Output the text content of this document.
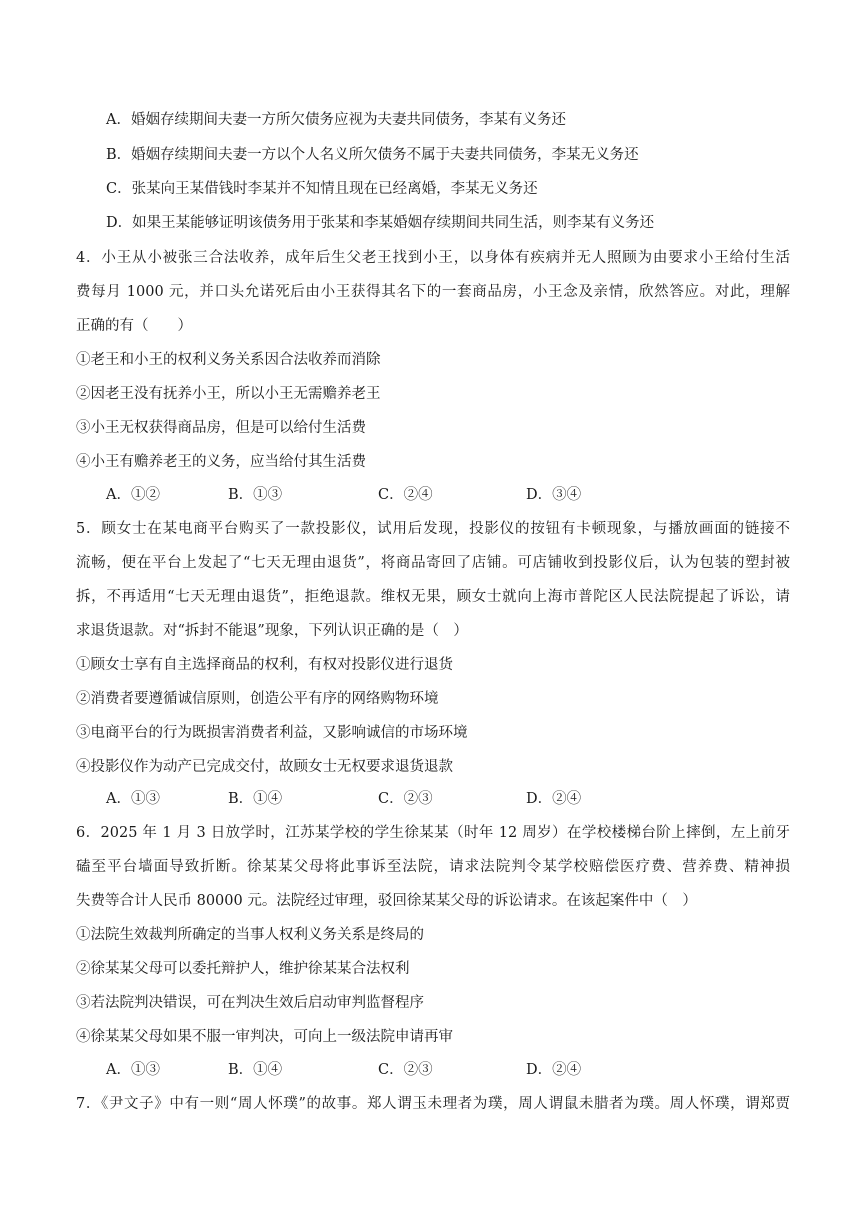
A．婚姻存续期间夫妻一方所欠债务应视为夫妻共同债务，李某有义务还
B．婚姻存续期间夫妻一方以个人名义所欠债务不属于夫妻共同债务，李某无义务还
C．张某向王某借钱时李某并不知情且现在已经离婚，李某无义务还
D．如果王某能够证明该债务用于张某和李某婚姻存续期间共同生活，则李某有义务还
4．小王从小被张三合法收养，成年后生父老王找到小王，以身体有疾病并无人照顾为由要求小王给付生活
费每月 1000 元，并口头允诺死后由小王获得其名下的一套商品房，小王念及亲情，欣然答应。对此，理解
正确的有（　　）
①老王和小王的权利义务关系因合法收养而消除
②因老王没有抚养小王，所以小王无需赡养老王
③小王无权获得商品房，但是可以给付生活费
④小王有赡养老王的义务，应当给付其生活费
A．①②	B．①③	C．②④	D．③④
5．顾女士在某电商平台购买了一款投影仪，试用后发现，投影仪的按钮有卡顿现象，与播放画面的链接不
流畅，便在平台上发起了“七天无理由退货”，将商品寄回了店铺。可店铺收到投影仪后，认为包装的塑封被
拆，不再适用“七天无理由退货”，拒绝退款。维权无果，顾女士就向上海市普陀区人民法院提起了诉讼，请
求退货退款。对“拆封不能退”现象，下列认识正确的是（　）
①顾女士享有自主选择商品的权利，有权对投影仪进行退货
②消费者要遵循诚信原则，创造公平有序的网络购物环境
③电商平台的行为既损害消费者利益，又影响诚信的市场环境
④投影仪作为动产已完成交付，故顾女士无权要求退货退款
A．①③	B．①④	C．②③	D．②④
6．2025 年 1 月 3 日放学时，江苏某学校的学生徐某某（时年 12 周岁）在学校楼梯台阶上摔倒，左上前牙
磕至平台墙面导致折断。徐某某父母将此事诉至法院，请求法院判令某学校赔偿医疗费、营养费、精神损
失费等合计人民币 80000 元。法院经过审理，驳回徐某某父母的诉讼请求。在该起案件中（　）
①法院生效裁判所确定的当事人权利义务关系是终局的
②徐某某父母可以委托辩护人，维护徐某某合法权利
③若法院判决错误，可在判决生效后启动审判监督程序
④徐某某父母如果不服一审判决，可向上一级法院申请再审
A．①③	B．①④	C．②③	D．②④
7．《尹文子》中有一则“周人怀璞”的故事。郑人谓玉未理者为璞，周人谓鼠未腊者为璞。周人怀璞，谓郑贾
